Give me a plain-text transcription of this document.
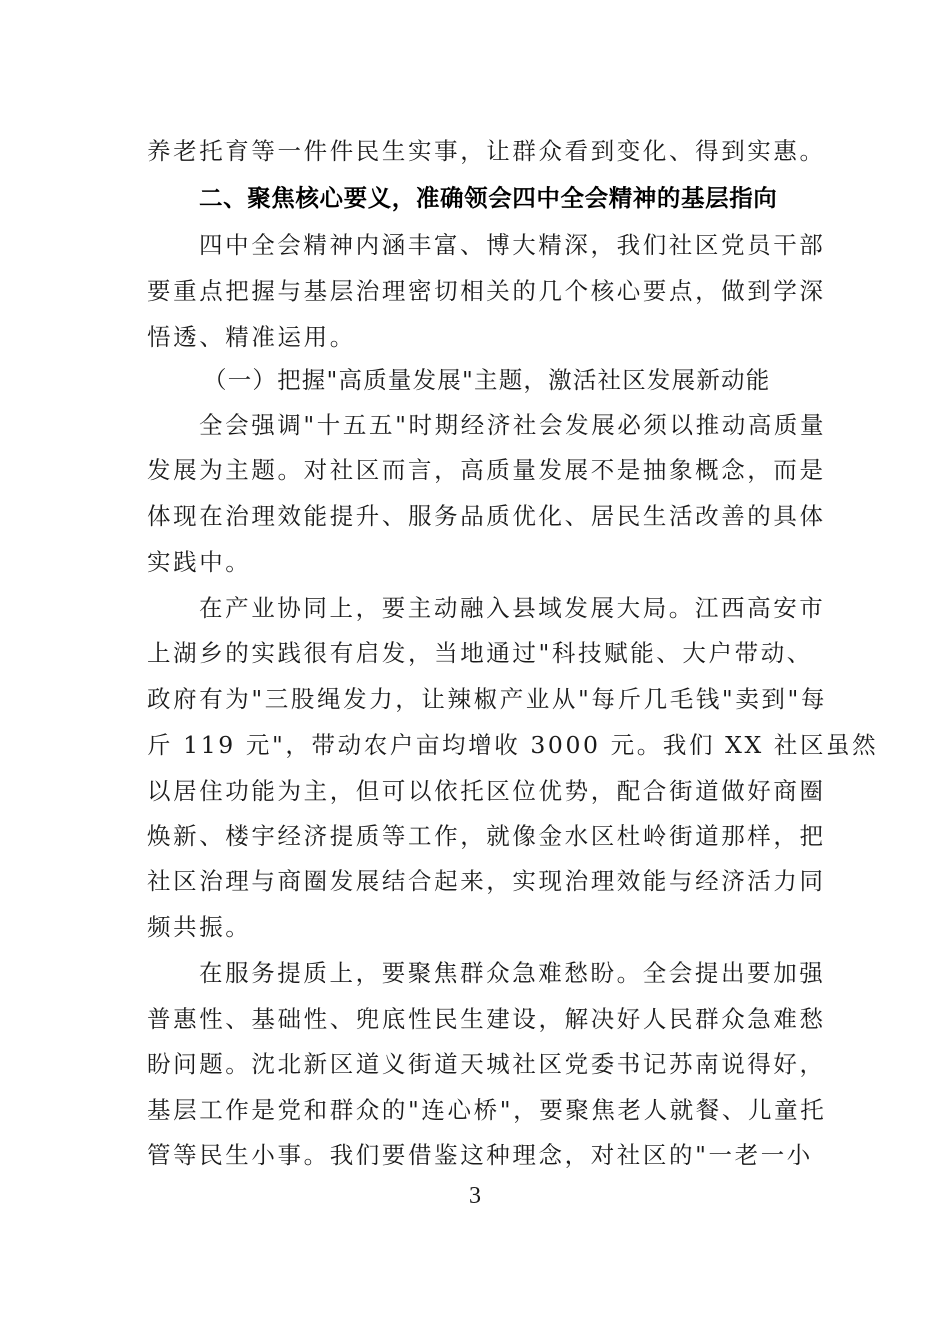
养老托育等一件件民生实事，让群众看到变化、得到实惠。
二、聚焦核心要义，准确领会四中全会精神的基层指向
四中全会精神内涵丰富、博大精深，我们社区党员干部
要重点把握与基层治理密切相关的几个核心要点，做到学深
悟透、精准运用。
（一）把握"高质量发展"主题，激活社区发展新动能
全会强调"十五五"时期经济社会发展必须以推动高质量
发展为主题。对社区而言，高质量发展不是抽象概念，而是
体现在治理效能提升、服务品质优化、居民生活改善的具体
实践中。
在产业协同上，要主动融入县域发展大局。江西高安市
上湖乡的实践很有启发，当地通过"科技赋能、大户带动、
政府有为"三股绳发力，让辣椒产业从"每斤几毛钱"卖到"每
斤 119 元"，带动农户亩均增收 3000 元。我们 XX 社区虽然
以居住功能为主，但可以依托区位优势，配合街道做好商圈
焕新、楼宇经济提质等工作，就像金水区杜岭街道那样，把
社区治理与商圈发展结合起来，实现治理效能与经济活力同
频共振。
在服务提质上，要聚焦群众急难愁盼。全会提出要加强
普惠性、基础性、兜底性民生建设，解决好人民群众急难愁
盼问题。沈北新区道义街道天城社区党委书记苏南说得好，
基层工作是党和群众的"连心桥"，要聚焦老人就餐、儿童托
管等民生小事。我们要借鉴这种理念，对社区的"一老一小
3
